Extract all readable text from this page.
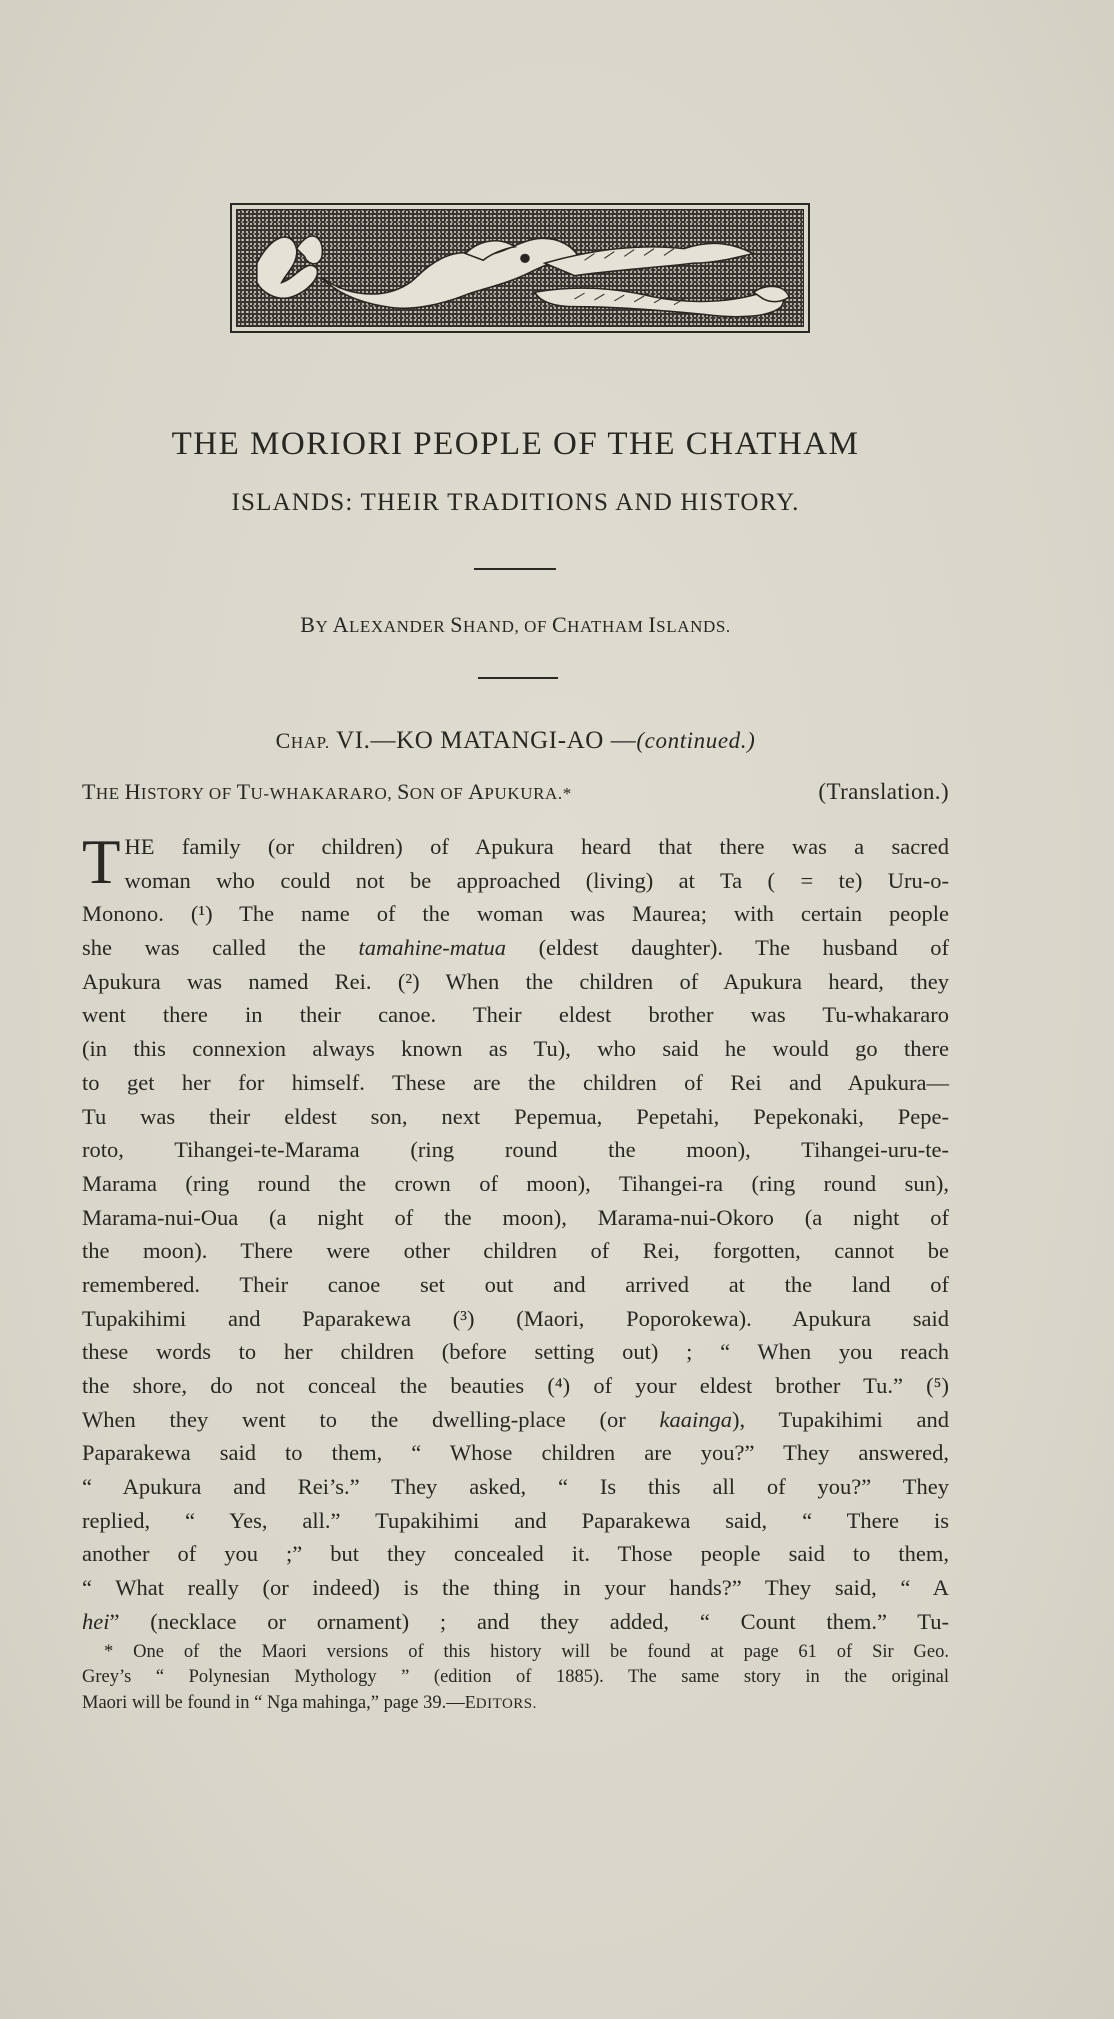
THE MORIORI PEOPLE OF THE CHATHAM
ISLANDS: THEIR TRADITIONS AND HISTORY.
BY ALEXANDER SHAND, OF CHATHAM ISLANDS.
CHAP. VI.—KO MATANGI-AO —(continued.)
THE HISTORY OF TU-WHAKARARO, SON OF APUKURA.*	(Translation.)
T HE family (or children) of Apukura heard that there was a sacred
woman who could not be approached (living) at Ta ( = te) Uru-o-
Monono. (¹) The name of the woman was Maurea; with certain people
she was called the tamahine-matua (eldest daughter). The husband of
Apukura was named Rei. (²) When the children of Apukura heard, they
went there in their canoe. Their eldest brother was Tu-whakararo
(in this connexion always known as Tu), who said he would go there
to get her for himself. These are the children of Rei and Apukura—
Tu was their eldest son, next Pepemua, Pepetahi, Pepekonaki, Pepe-
roto, Tihangei-te-Marama (ring round the moon), Tihangei-uru-te-
Marama (ring round the crown of moon), Tihangei-ra (ring round sun),
Marama-nui-Oua (a night of the moon), Marama-nui-Okoro (a night of
the moon). There were other children of Rei, forgotten, cannot be
remembered. Their canoe set out and arrived at the land of
Tupakihimi and Paparakewa (³) (Maori, Poporokewa). Apukura said
these words to her children (before setting out) ; “ When you reach
the shore, do not conceal the beauties (⁴) of your eldest brother Tu.” (⁵)
When they went to the dwelling-place (or kaainga), Tupakihimi and
Paparakewa said to them, “ Whose children are you?” They answered,
“ Apukura and Rei’s.” They asked, “ Is this all of you?” They
replied, “ Yes, all.” Tupakihimi and Paparakewa said, “ There is
another of you ;” but they concealed it. Those people said to them,
“ What really (or indeed) is the thing in your hands?” They said, “ A
hei” (necklace or ornament) ; and they added, “ Count them.” Tu-
* One of the Maori versions of this history will be found at page 61 of Sir Geo.
Grey’s “ Polynesian Mythology ” (edition of 1885). The same story in the original
Maori will be found in “ Nga mahinga,” page 39.—EDITORS.
